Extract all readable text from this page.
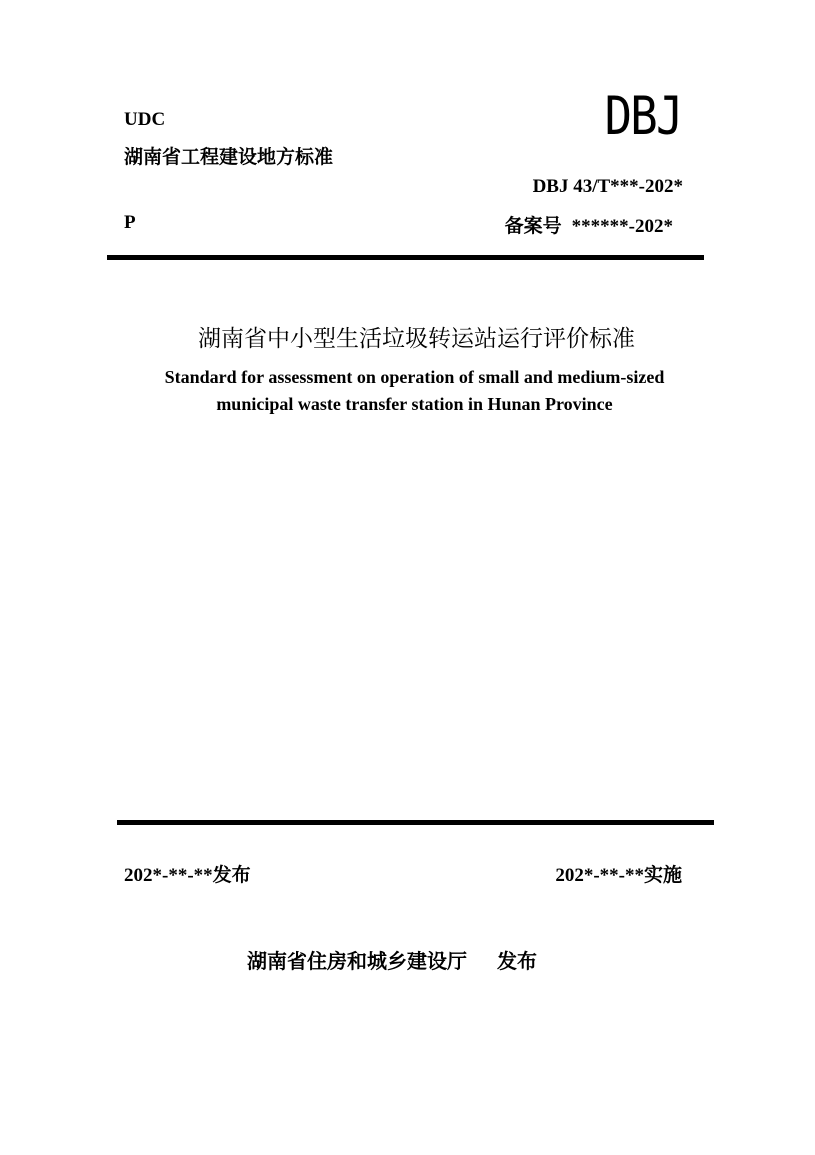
UDC
湖南省工程建设地方标准
DBJ
DBJ 43/T***-202*
P	备案号 ******-202*
湖南省中小型生活垃圾转运站运行评价标准
Standard for assessment on operation of small and medium-sized
municipal waste transfer station in Hunan Province
202*-**-**发布	202*-**-**实施
湖南省住房和城乡建设厅 发布
